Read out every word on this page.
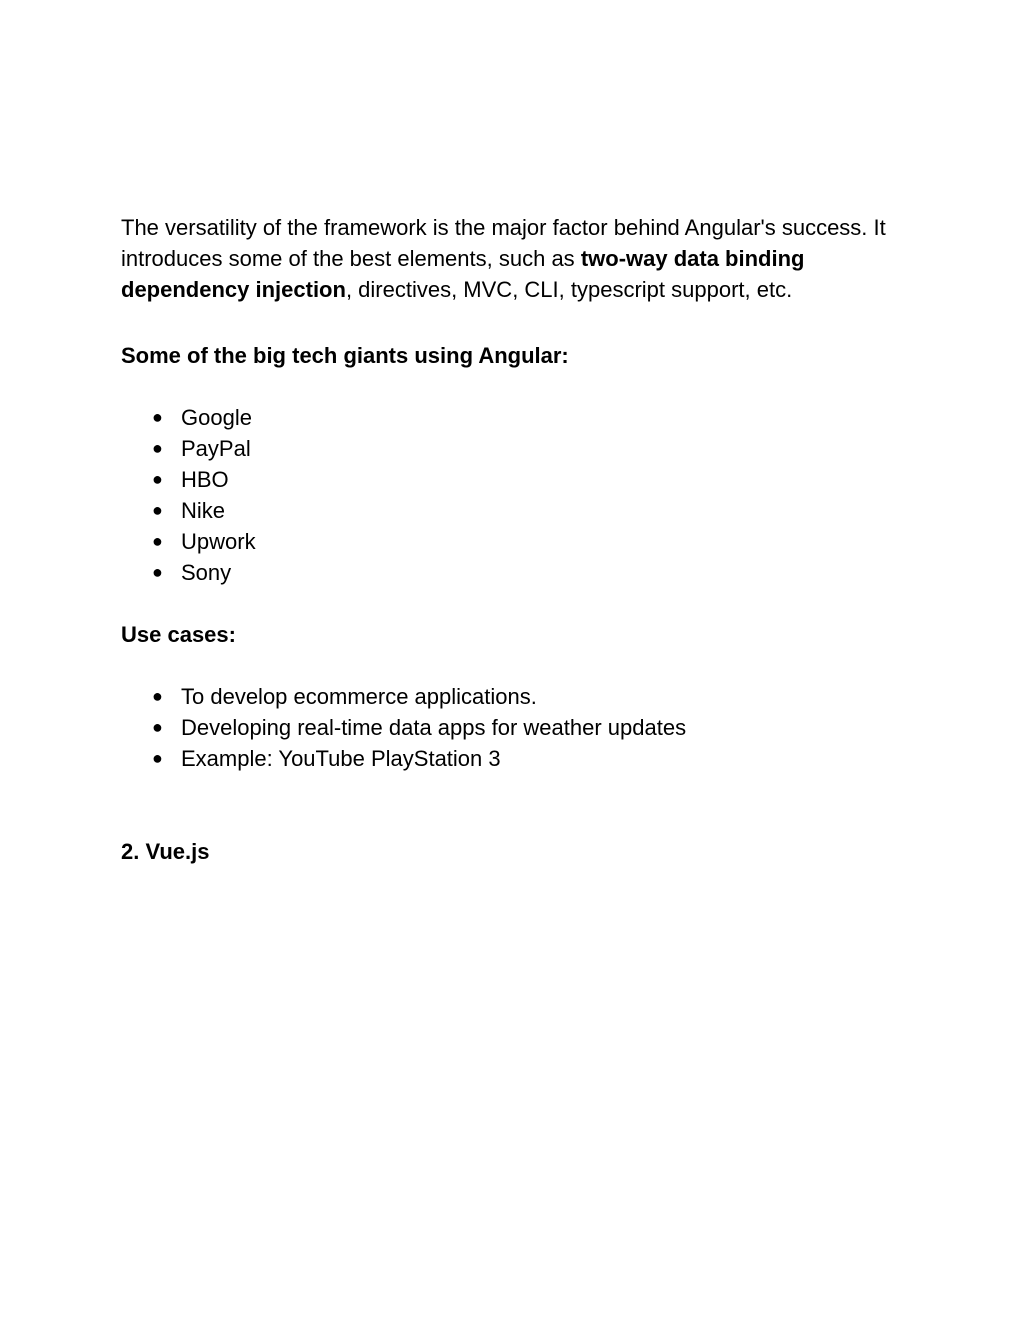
The versatility of the framework is the major factor behind Angular's success. It introduces some of the best elements, such as two-way data binding dependency injection, directives, MVC, CLI, typescript support, etc.

Some of the big tech giants using Angular:

● Google
● PayPal
● HBO
● Nike
● Upwork
● Sony

Use cases:

● To develop ecommerce applications.
● Developing real-time data apps for weather updates
● Example: YouTube PlayStation 3

2. Vue.js
